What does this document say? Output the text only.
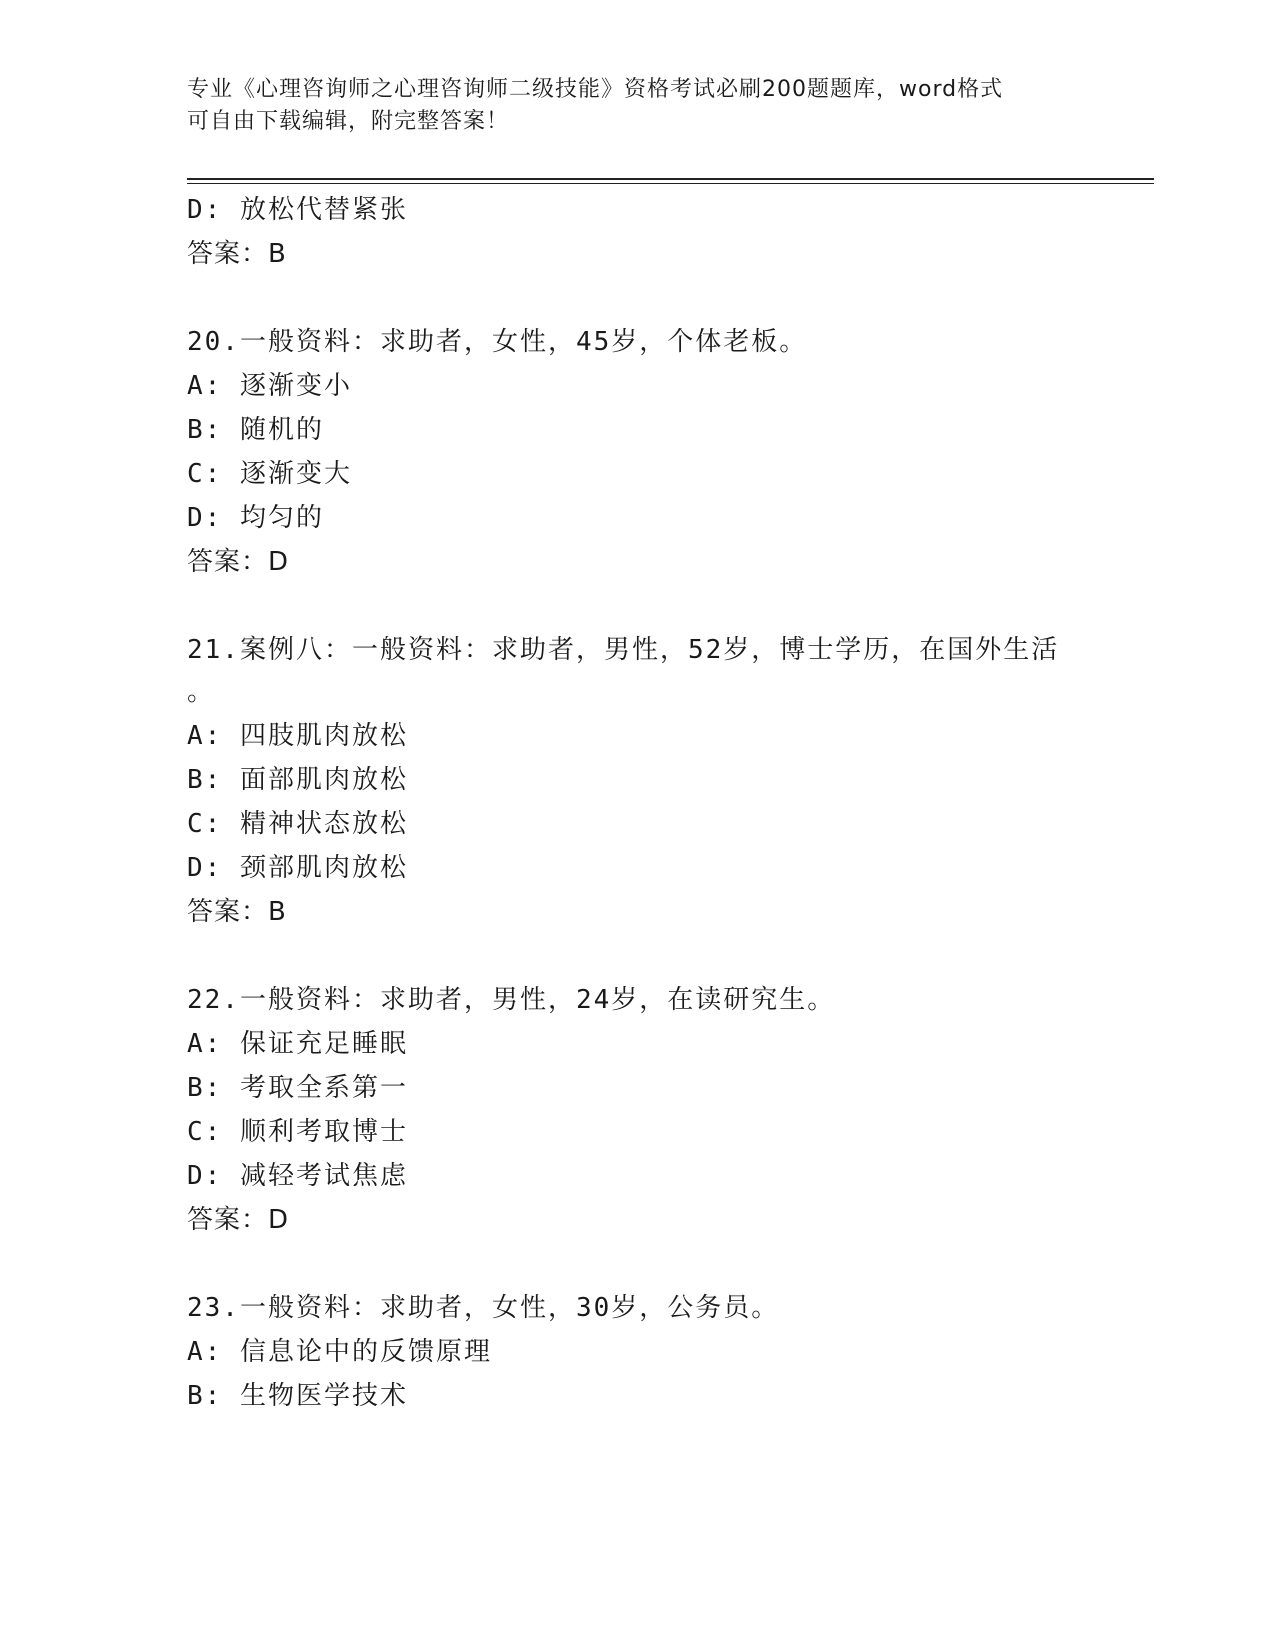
专业《心理咨询师之心理咨询师二级技能》资格考试必刷200题题库，word格式
可自由下载编辑，附完整答案！
D: 放松代替紧张
答案：B
20.一般资料：求助者，女性，45岁，个体老板。
A: 逐渐变小
B: 随机的
C: 逐渐变大
D: 均匀的
答案：D
21.案例八：一般资料：求助者，男性，52岁，博士学历，在国外生活
。
A: 四肢肌肉放松
B: 面部肌肉放松
C: 精神状态放松
D: 颈部肌肉放松
答案：B
22.一般资料：求助者，男性，24岁，在读研究生。
A: 保证充足睡眠
B: 考取全系第一
C: 顺利考取博士
D: 减轻考试焦虑
答案：D
23.一般资料：求助者，女性，30岁，公务员。
A: 信息论中的反馈原理
B: 生物医学技术
